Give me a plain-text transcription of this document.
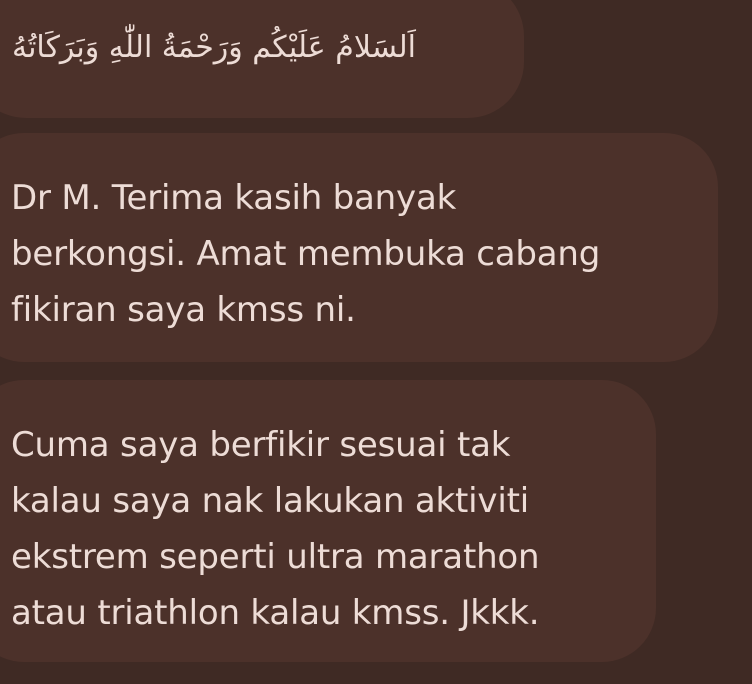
اَلسَلامُ عَلَيْكُم وَرَحْمَةُ اللّٰهِ وَبَرَكَاتُهُ
Dr M. Terima kasih banyak
berkongsi. Amat membuka cabang
fikiran saya kmss ni.
Cuma saya berfikir sesuai tak
kalau saya nak lakukan aktiviti
ekstrem seperti ultra marathon
atau triathlon kalau kmss. Jkkk.
